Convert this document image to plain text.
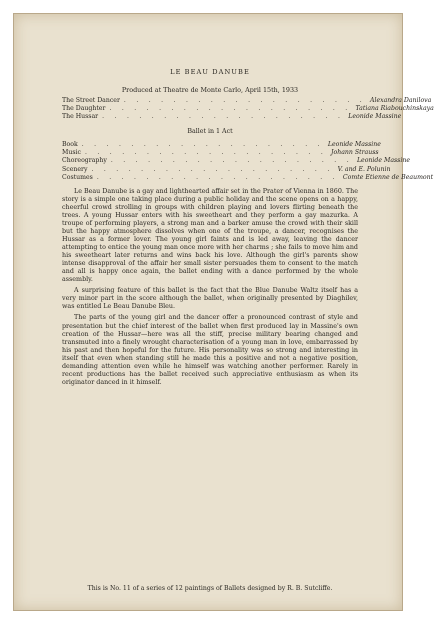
LE BEAU DANUBE

Produced at Theatre de Monte Carlo, April 15th, 1933

The Street Dancer . . . . . . . . . . . . . . . . . . . . Alexandra Danilova
The Daughter . . . . . . . . . . . . . . . . . . . . Tatiana Riabouchinskaya
The Hussar . . . . . . . . . . . . . . . . . . . . Leonide Massine

Ballet in 1 Act

Book . . . . . . . . . . . . . . . . . . . . Leonide Massine
Music . . . . . . . . . . . . . . . . . . . . Johann Strauss
Choreography . . . . . . . . . . . . . . . . . . . . Leonide Massine
Scenery . . . . . . . . . . . . . . . . . . . . V. and E. Polunin
Costumes . . . . . . . . . . . . . . . . . . . . Comte Etienne de Beaumont

Le Beau Danube is a gay and lighthearted affair set in the Prater of Vienna in 1860. The story is a simple one taking place during a public holiday and the scene opens on a happy, cheerful crowd strolling in groups with children playing and lovers flirting beneath the trees. A young Hussar enters with his sweetheart and they perform a gay mazurka. A troupe of performing players, a strong man and a barker amuse the crowd with their skill but the happy atmosphere dissolves when one of the troupe, a dancer, recognises the Hussar as a former lover. The young girl faints and is led away, leaving the dancer attempting to entice the young man once more with her charms ; she fails to move him and his sweetheart later returns and wins back his love. Although the girl's parents show intense disapproval of the affair her small sister persuades them to consent to the match and all is happy once again, the ballet ending with a dance performed by the whole assembly.

A surprising feature of this ballet is the fact that the Blue Danube Waltz itself has a very minor part in the score although the ballet, when originally presented by Diaghilev, was entitled Le Beau Danube Bleu.

The parts of the young girl and the dancer offer a pronounced contrast of style and presentation but the chief interest of the ballet when first produced lay in Massine's own creation of the Hussar—here was all the stiff, precise military bearing changed and transmuted into a finely wrought characterisation of a young man in love, embarrassed by his past and then hopeful for the future. His personality was so strong and interesting in itself that even when standing still he made this a positive and not a negative position, demanding attention even while he himself was watching another performer. Rarely in recent productions has the ballet received such appreciative enthusiasm as when its originator danced in it himself.

This is No. 11 of a series of 12 paintings of Ballets designed by R. B. Sutcliffe.
